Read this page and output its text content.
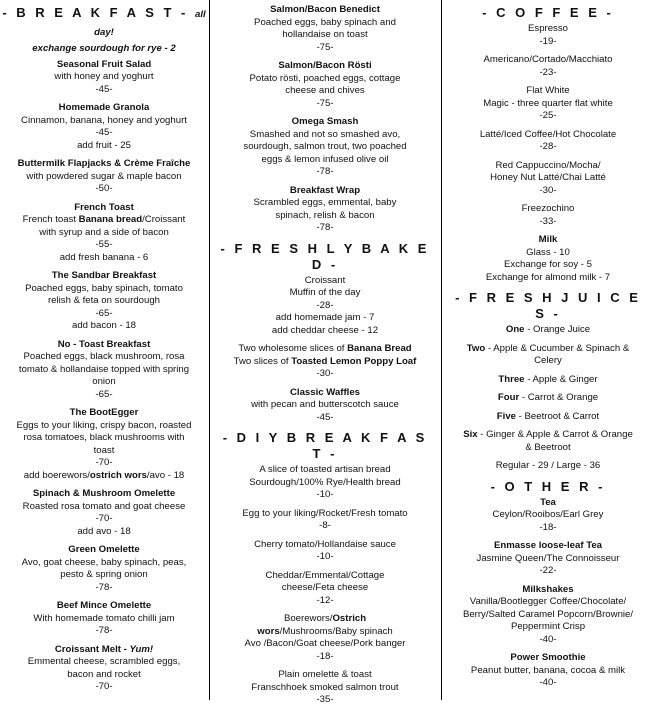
- B R E A K F A S T - all day!
exchange sourdough for rye - 2
Seasonal Fruit Salad
with honey and yoghurt
-45-
Homemade Granola
Cinnamon, banana, honey and yoghurt
-45-
add fruit - 25
Buttermilk Flapjacks & Crème Fraîche
with powdered sugar & maple bacon
-50-
French Toast
French toast Banana bread/Croissant
with syrup and a side of bacon
-55-
add fresh banana - 6
The Sandbar Breakfast
Poached eggs, baby spinach, tomato
relish & feta on sourdough
-65-
add bacon - 18
No - Toast Breakfast
Poached eggs, black mushroom, rosa
tomato & hollandaise topped with spring
onion
-65-
The BootEgger
Eggs to your liking, crispy bacon, roasted
rosa tomatoes, black mushrooms with
toast
-70-
add boerewors/ostrich wors/avo - 18
Spinach & Mushroom Omelette
Roasted rosa tomato and goat cheese
-70-
add avo - 18
Green Omelette
Avo, goat cheese, baby spinach, peas,
pesto & spring onion
-78-
Beef Mince Omelette
With homemade tomato chilli jam
-78-
Croissant Melt - Yum!
Emmental cheese, scrambled eggs,
bacon and rocket
-70-
Salmon/Bacon Benedict
Poached eggs, baby spinach and
hollandaise on toast
-75-
Salmon/Bacon Rösti
Potato rösti, poached eggs, cottage
cheese and chives
-75-
Omega Smash
Smashed and not so smashed avo,
sourdough, salmon trout, two poached
eggs & lemon infused olive oil
-78-
Breakfast Wrap
Scrambled eggs, emmental, baby
spinach, relish & bacon
-78-
- F R E S H L Y B A K E D -
Croissant
Muffin of the day
-28-
add homemade jam - 7
add cheddar cheese - 12
Two wholesome slices of Banana Bread
Two slices of Toasted Lemon Poppy Loaf
-30-
Classic Waffles
with pecan and butterscotch sauce
-45-
- D I Y B R E A K F A S T -
A slice of toasted artisan bread
Sourdough/100% Rye/Health bread
-10-
Egg to your liking/Rocket/Fresh tomato
-8-
Cherry tomato/Hollandaise sauce
-10-
Cheddar/Emmental/Cottage
cheese/Feta cheese
-12-
Boerewors/Ostrich
wors/Mushrooms/Baby spinach
Avo /Bacon/Goat cheese/Pork banger
-18-
Plain omelette & toast
Franschhoek smoked salmon trout
-35-
- C O F F E E -
Espresso
-19-
Americano/Cortado/Macchiato
-23-
Flat White
Magic - three quarter flat white
-25-
Latté/Iced Coffee/Hot Chocolate
-28-
Red Cappuccino/Mocha/
Honey Nut Latté/Chai Latté
-30-
Freezochino
-33-
Milk
Glass - 10
Exchange for soy - 5
Exchange for almond milk - 7
- F R E S H J U I C E S -
One - Orange Juice
Two - Apple & Cucumber & Spinach &
Celery
Three - Apple & Ginger
Four - Carrot & Orange
Five - Beetroot & Carrot
Six - Ginger & Apple & Carrot & Orange
& Beetroot
Regular - 29 / Large - 36
- O T H E R -
Tea
Ceylon/Rooibos/Earl Grey
-18-
Enmasse loose-leaf Tea
Jasmine Queen/The Connoisseur
-22-
Milkshakes
Vanilla/Bootlegger Coffee/Chocolate/
Berry/Salted Caramel Popcorn/Brownie/
Peppermint Crisp
-40-
Power Smoothie
Peanut butter, banana, cocoa & milk
-40-
